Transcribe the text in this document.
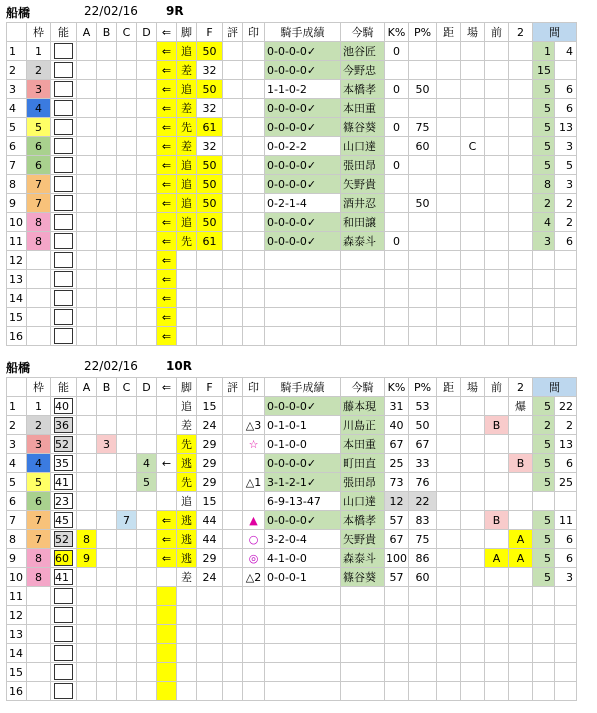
船橋	22/02/16 9R
	枠	能	A	B	C	D	⇐	脚	F	評	印	騎手成績	今騎	K%	P%	距	場	前	2	間	
1	1						⇐	追	50			0-0-0-0✓	池谷匠	0						1	4
2	2						⇐	差	32			0-0-0-0✓	今野忠							15	
3	3						⇐	追	50			1-1-0-2	本橋孝	0	50					5	6
4	4						⇐	差	32			0-0-0-0✓	本田重							5	6
5	5						⇐	先	61			0-0-0-0✓	篠谷葵	0	75					5	13
6	6						⇐	差	32			0-0-2-2	山口達		60		C			5	3
7	6						⇐	追	50			0-0-0-0✓	張田昂	0						5	5
8	7						⇐	追	50			0-0-0-0✓	矢野貴							8	3
9	7						⇐	追	50			0-2-1-4	酒井忍		50					2	2
10	8						⇐	追	50			0-0-0-0✓	和田譲							4	2
11	8						⇐	先	61			0-0-0-0✓	森泰斗	0						3	6
12							⇐														
13							⇐														
14							⇐														
15							⇐														
16							⇐														
船橋	22/02/16 10R
	枠	能	A	B	C	D	⇐	脚	F	評	印	騎手成績	今騎	K%	P%	距	場	前	2	間	
1	1	40						追	15			0-0-0-0✓	藤本現	31	53				爆	5	22
2	2	36						差	24		△3	0-1-0-1	川島正	40	50			B		2	2
3	3	52		3				先	29		☆	0-1-0-0	本田重	67	67					5	13
4	4	35				4	←	逃	29			0-0-0-0✓	町田直	25	33				B	5	6
5	5	41				5		先	29		△1	3-1-2-1✓	張田昂	73	76					5	25
6	6	23						追	15			6-9-13-47	山口達	12	22						
7	7	45			7		⇐	逃	44		▲	0-0-0-0✓	本橋孝	57	83			B		5	11
8	7	52	8				⇐	逃	44		○	3-2-0-4	矢野貴	67	75				A	5	6
9	8	60	9				⇐	逃	29		◎	4-1-0-0	森泰斗	100	86			A	A	5	6
10	8	41						差	24		△2	0-0-0-1	篠谷葵	57	60					5	3
11		

12		

13		

14		

15		

16		
